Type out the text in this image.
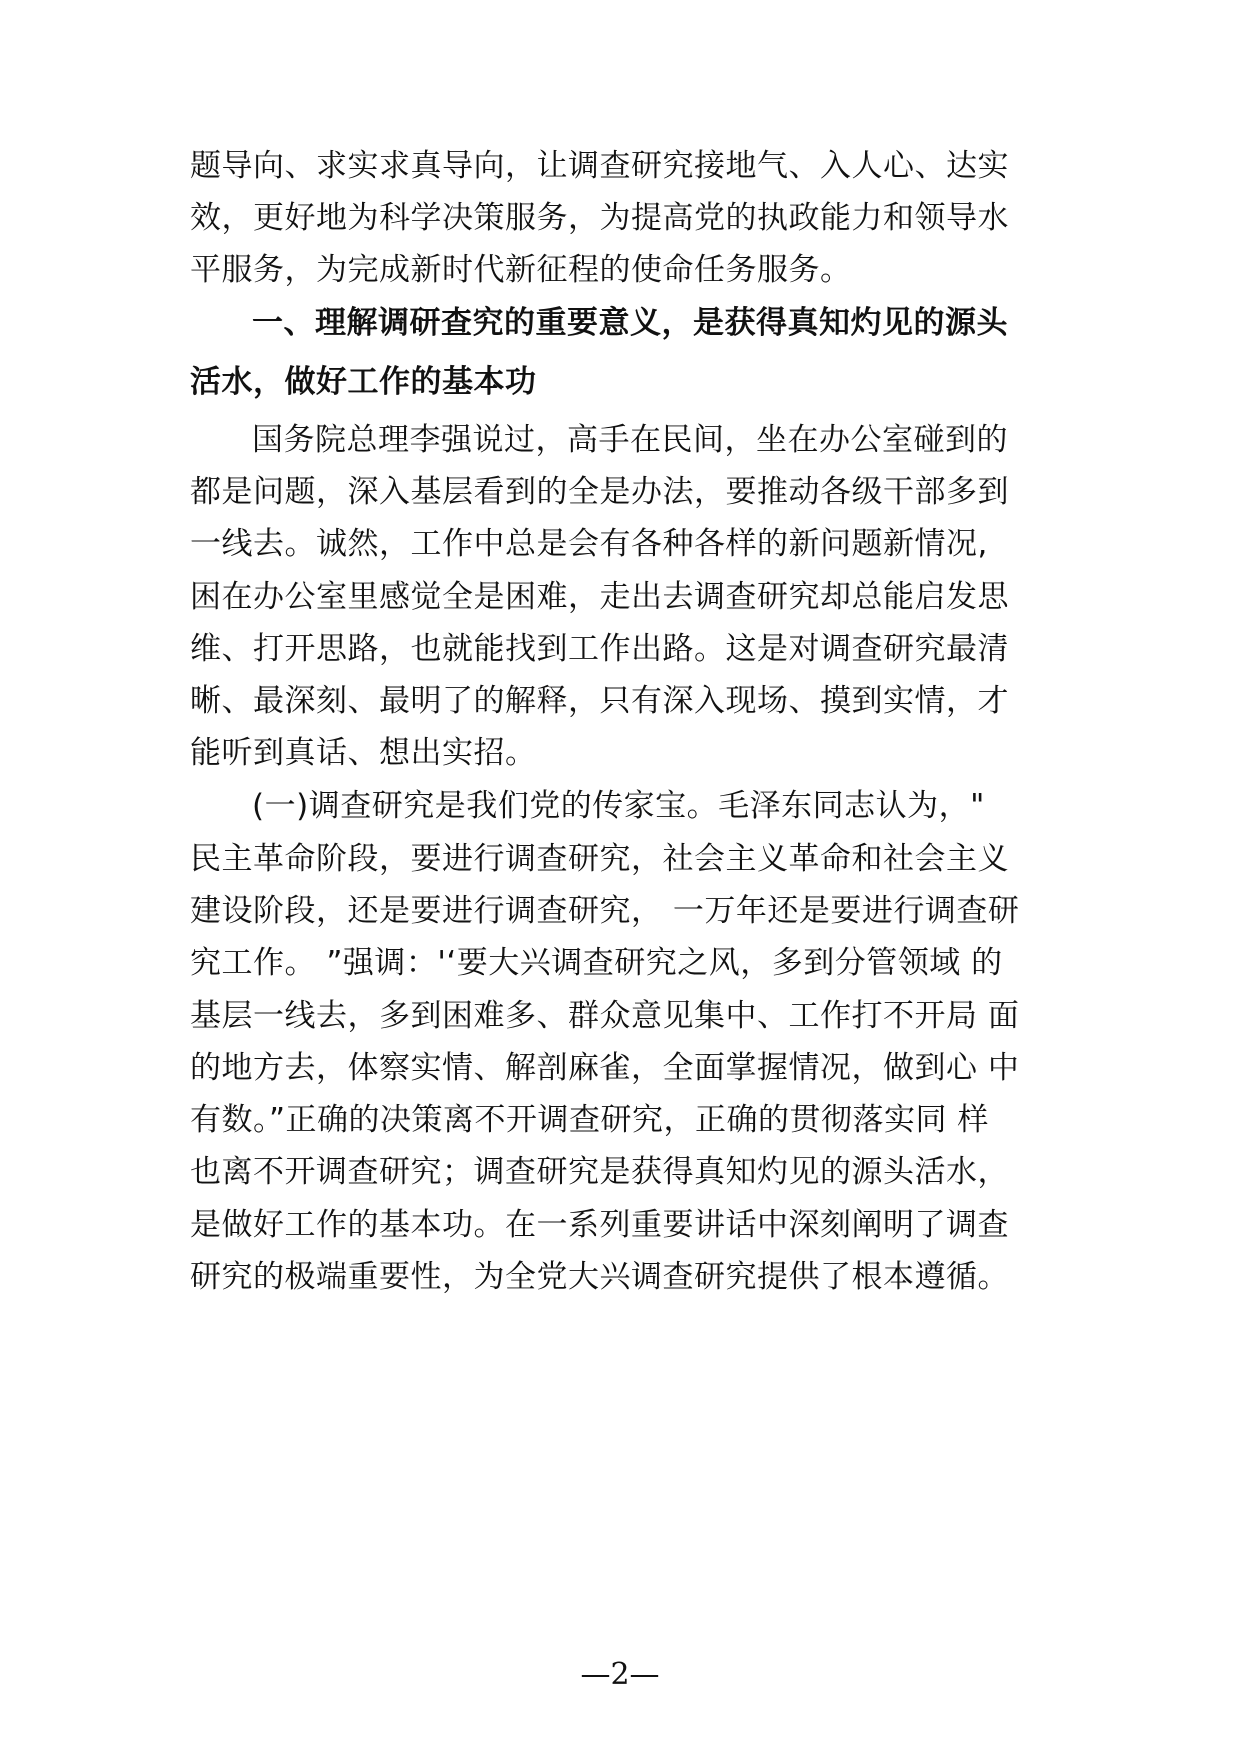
题导向、求实求真导向，让调查研究接地气、入人心、达实
效，更好地为科学决策服务，为提高党的执政能力和领导水
平服务，为完成新时代新征程的使命任务服务。
一、理解调研查究的重要意义，是获得真知灼见的源头
活水，做好工作的基本功
国务院总理李强说过，高手在民间，坐在办公室碰到的
都是问题，深入基层看到的全是办法，要推动各级干部多到
一线去。诚然，工作中总是会有各种各样的新问题新情况,
困在办公室里感觉全是困难，走出去调查研究却总能启发思
维、打开思路，也就能找到工作出路。这是对调查研究最清
晰、最深刻、最明了的解释，只有深入现场、摸到实情，才
能听到真话、想出实招。
(一)调查研究是我们党的传家宝。毛泽东同志认为，"
民主革命阶段，要进行调查研究，社会主义革命和社会主义
建设阶段，还是要进行调查研究， 一万年还是要进行调查研
究工作。 ”强调：'‘要大兴调查研究之风，多到分管领域 的
基层一线去，多到困难多、群众意见集中、工作打不开局 面
的地方去，体察实情、解剖麻雀，全面掌握情况，做到心 中
有数。”正确的决策离不开调查研究，正确的贯彻落实同 样
也离不开调查研究；调查研究是获得真知灼见的源头活水，
是做好工作的基本功。在一系列重要讲话中深刻阐明了调查
研究的极端重要性，为全党大兴调查研究提供了根本遵循。
—2—
